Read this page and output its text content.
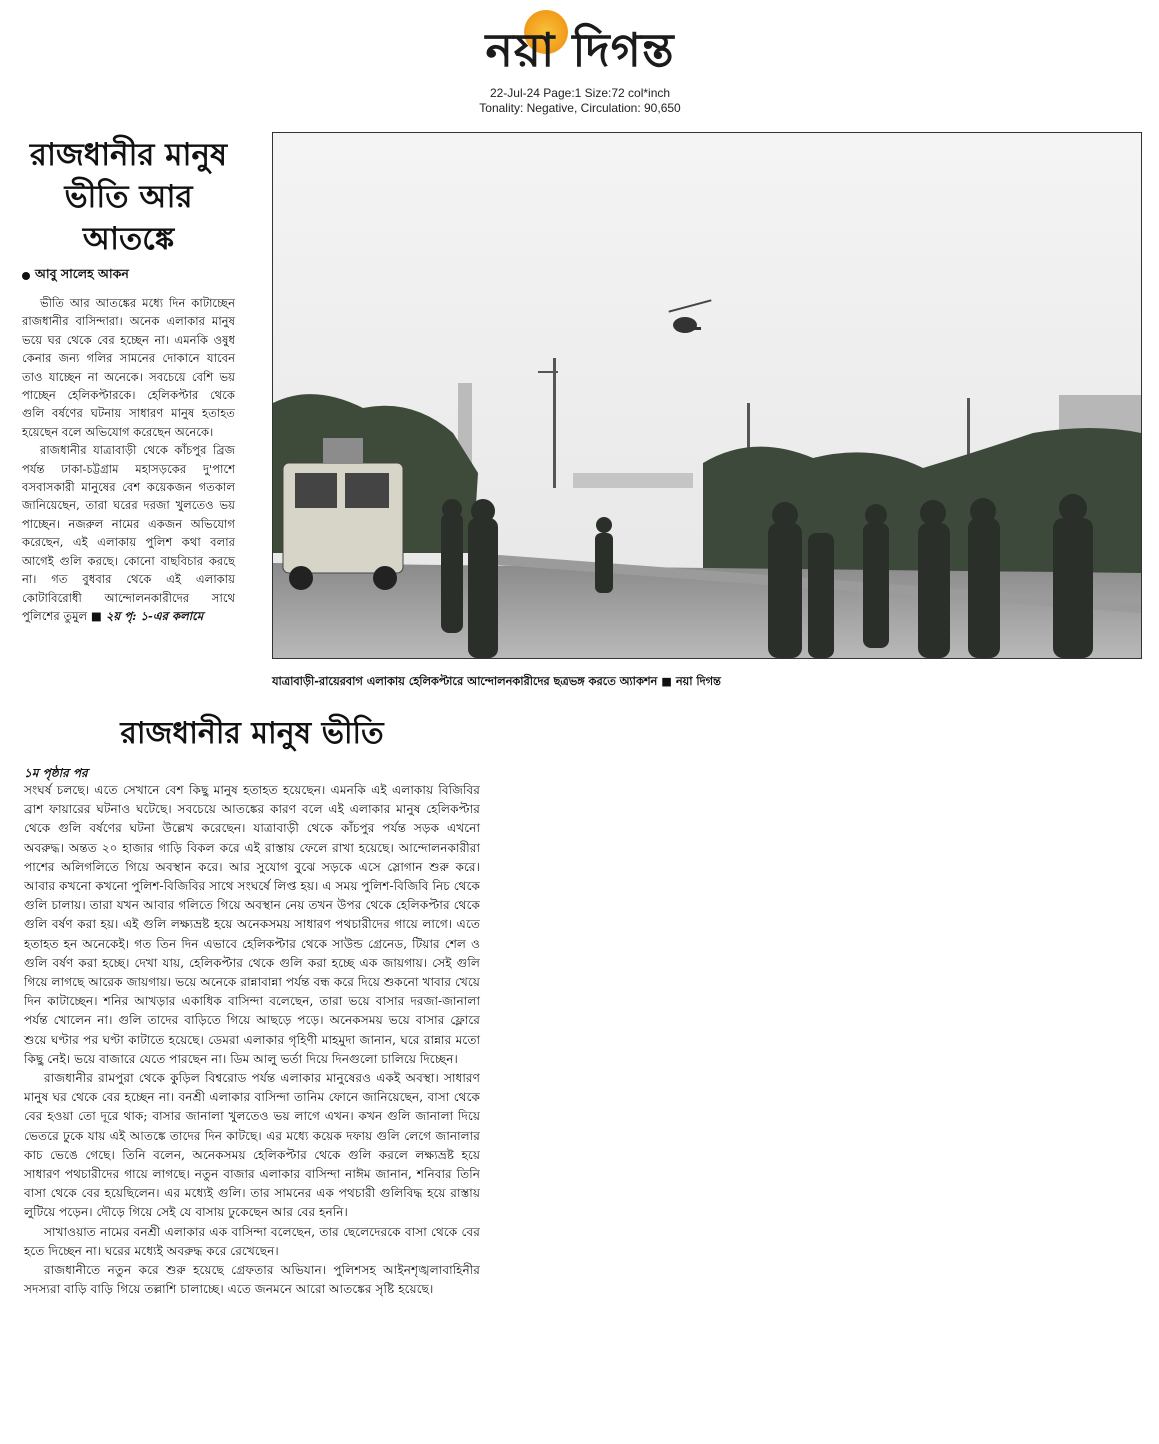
নয়া দিগন্ত
22-Jul-24 Page:1 Size:72 col*inch
Tonality: Negative, Circulation: 90,650
রাজধানীর মানুষ ভীতি আর আতঙ্কে
আবু সালেহ আকন

ভীতি আর আতঙ্কের মধ্যে দিন কাটাচ্ছেন রাজধানীর বাসিন্দারা। অনেক এলাকার মানুষ ভয়ে ঘর থেকে বের হচ্ছেন না। এমনকি ওষুধ কেনার জন্য গলির সামনের দোকানে যাবেন তাও যাচ্ছেন না অনেকে। সবচেয়ে বেশি ভয় পাচ্ছেন হেলিকপ্টারকে। হেলিকপ্টার থেকে গুলি বর্ষণের ঘটনায় সাধারণ মানুষ হতাহত হয়েছেন বলে অভিযোগ করেছেন অনেকে।

রাজধানীর যাত্রাবাড়ী থেকে কাঁচপুর ব্রিজ পর্যন্ত ঢাকা-চট্টগ্রাম মহাসড়কের দু'পাশে বসবাসকারী মানুষের বেশ কয়েকজন গতকাল জানিয়েছেন, তারা ঘরের দরজা খুলতেও ভয় পাচ্ছেন। নজরুল নামের একজন অভিযোগ করেছেন, এই এলাকায় পুলিশ কথা বলার আগেই গুলি করছে। কোনো বাছবিচার করছে না। গত বুধবার থেকে এই এলাকায় কোটাবিরোধী আন্দোলনকারীদের সাথে পুলিশের তুমুল ■ ২য় পৃ: ১-এর কলামে

যাত্রাবাড়ী-রায়েরবাগ এলাকায় হেলিকপ্টারে আন্দোলনকারীদের ছত্রভঙ্গ করতে অ্যাকশন ■ নয়া দিগন্ত
রাজধানীর মানুষ ভীতি
১ম পৃষ্ঠার পর

সংঘর্ষ চলছে। এতে সেখানে বেশ কিছু মানুষ হতাহত হয়েছেন। এমনকি এই এলাকায় বিজিবির ব্রাশ ফায়ারের ঘটনাও ঘটেছে। সবচেয়ে আতঙ্কের কারণ বলে এই এলাকার মানুষ হেলিকপ্টার থেকে গুলি বর্ষণের ঘটনা উল্লেখ করেছেন। যাত্রাবাড়ী থেকে কাঁচপুর পর্যন্ত সড়ক এখনো অবরুদ্ধ। অন্তত ২০ হাজার গাড়ি বিকল করে এই রাস্তায় ফেলে রাখা হয়েছে। আন্দোলনকারীরা পাশের অলিগলিতে গিয়ে অবস্থান করে। আর সুযোগ বুঝে সড়কে এসে স্লোগান শুরু করে। আবার কখনো কখনো পুলিশ-বিজিবির সাথে সংঘর্ষে লিপ্ত হয়। এ সময় পুলিশ-বিজিবি নিচ থেকে গুলি চালায়। তারা যখন আবার গলিতে গিয়ে অবস্থান নেয় তখন উপর থেকে হেলিকপ্টার থেকে গুলি বর্ষণ করা হয়। এই গুলি লক্ষ্যভ্রষ্ট হয়ে অনেকসময় সাধারণ পথচারীদের গায়ে লাগে। এতে হতাহত হন অনেকেই। গত তিন দিন এভাবে হেলিকপ্টার থেকে সাউন্ড গ্রেনেড, টিয়ার শেল ও গুলি বর্ষণ করা হচ্ছে। দেখা যায়, হেলিকপ্টার থেকে গুলি করা হচ্ছে এক জায়গায়। সেই গুলি গিয়ে লাগছে আরেক জায়গায়। ভয়ে অনেকে রান্নাবান্না পর্যন্ত বন্ধ করে দিয়ে শুকনো খাবার খেয়ে দিন কাটাচ্ছেন। শনির আখড়ার একাধিক বাসিন্দা বলেছেন, তারা ভয়ে বাসার দরজা-জানালা পর্যন্ত খোলেন না। গুলি তাদের বাড়িতে গিয়ে আছড়ে পড়ে। অনেকসময় ভয়ে বাসার ফ্লোরে শুয়ে ঘণ্টার পর ঘণ্টা কাটাতে হয়েছে। ডেমরা এলাকার গৃহিণী মাহমুদা জানান, ঘরে রান্নার মতো কিছু নেই। ভয়ে বাজারে যেতে পারছেন না। ডিম আলু ভর্তা দিয়ে দিনগুলো চালিয়ে দিচ্ছেন।

রাজধানীর রামপুরা থেকে কুড়িল বিশ্বরোড পর্যন্ত এলাকার মানুষেরও একই অবস্থা। সাধারণ মানুষ ঘর থেকে বের হচ্ছেন না। বনশ্রী এলাকার বাসিন্দা তানিম ফোনে জানিয়েছেন, বাসা থেকে বের হওয়া তো দূরে থাক; বাসার জানালা খুলতেও ভয় লাগে এখন। কখন গুলি জানালা দিয়ে ভেতরে ঢুকে যায় এই আতঙ্কে তাদের দিন কাটছে। এর মধ্যে কয়েক দফায় গুলি লেগে জানালার কাচ ভেঙে গেছে। তিনি বলেন, অনেকসময় হেলিকপ্টার থেকে গুলি করলে লক্ষ্যভ্রষ্ট হয়ে সাধারণ পথচারীদের গায়ে লাগছে। নতুন বাজার এলাকার বাসিন্দা নাঈম জানান, শনিবার তিনি বাসা থেকে বের হয়েছিলেন। এর মধ্যেই গুলি। তার সামনের এক পথচারী গুলিবিদ্ধ হয়ে রাস্তায় লুটিয়ে পড়েন। দৌড়ে গিয়ে সেই যে বাসায় ঢুকেছেন আর বের হননি।

সাখাওয়াত নামের বনশ্রী এলাকার এক বাসিন্দা বলেছেন, তার ছেলেদেরকে বাসা থেকে বের হতে দিচ্ছেন না। ঘরের মধ্যেই অবরুদ্ধ করে রেখেছেন।

রাজধানীতে নতুন করে শুরু হয়েছে গ্রেফতার অভিযান। পুলিশসহ আইনশৃঙ্খলাবাহিনীর সদস্যরা বাড়ি বাড়ি গিয়ে তল্লাশি চালাচ্ছে। এতে জনমনে আরো আতঙ্কের সৃষ্টি হয়েছে।
